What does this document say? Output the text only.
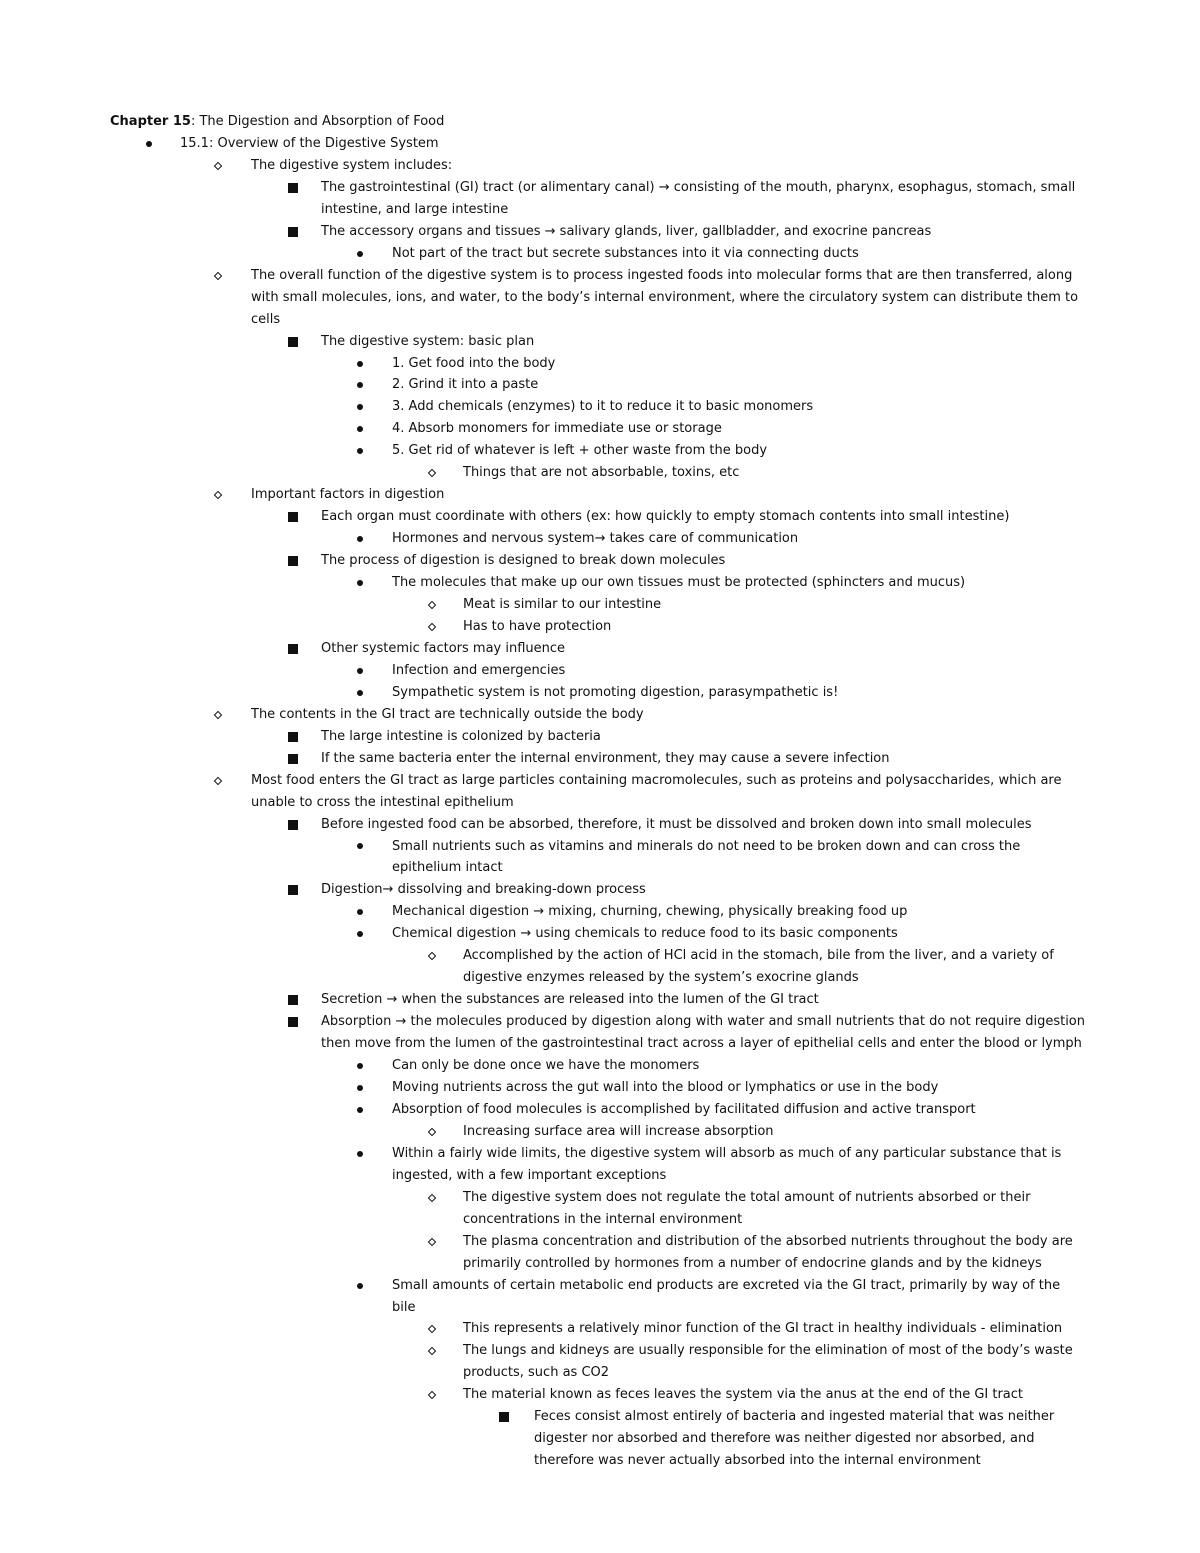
Chapter 15: The Digestion and Absorption of Food
15.1: Overview of the Digestive System
The digestive system includes:
The gastrointestinal (GI) tract (or alimentary canal) → consisting of the mouth, pharynx, esophagus, stomach, small intestine, and large intestine
The accessory organs and tissues → salivary glands, liver, gallbladder, and exocrine pancreas
Not part of the tract but secrete substances into it via connecting ducts
The overall function of the digestive system is to process ingested foods into molecular forms that are then transferred, along with small molecules, ions, and water, to the body’s internal environment, where the circulatory system can distribute them to cells
The digestive system: basic plan
1. Get food into the body
2. Grind it into a paste
3. Add chemicals (enzymes) to it to reduce it to basic monomers
4. Absorb monomers for immediate use or storage
5. Get rid of whatever is left + other waste from the body
Things that are not absorbable, toxins, etc
Important factors in digestion
Each organ must coordinate with others (ex: how quickly to empty stomach contents into small intestine)
Hormones and nervous system→ takes care of communication
The process of digestion is designed to break down molecules
The molecules that make up our own tissues must be protected (sphincters and mucus)
Meat is similar to our intestine
Has to have protection
Other systemic factors may influence
Infection and emergencies
Sympathetic system is not promoting digestion, parasympathetic is!
The contents in the GI tract are technically outside the body
The large intestine is colonized by bacteria
If the same bacteria enter the internal environment, they may cause a severe infection
Most food enters the GI tract as large particles containing macromolecules, such as proteins and polysaccharides, which are unable to cross the intestinal epithelium
Before ingested food can be absorbed, therefore, it must be dissolved and broken down into small molecules
Small nutrients such as vitamins and minerals do not need to be broken down and can cross the epithelium intact
Digestion→ dissolving and breaking-down process
Mechanical digestion → mixing, churning, chewing, physically breaking food up
Chemical digestion → using chemicals to reduce food to its basic components
Accomplished by the action of HCl acid in the stomach, bile from the liver, and a variety of digestive enzymes released by the system’s exocrine glands
Secretion → when the substances are released into the lumen of the GI tract
Absorption → the molecules produced by digestion along with water and small nutrients that do not require digestion then move from the lumen of the gastrointestinal tract across a layer of epithelial cells and enter the blood or lymph
Can only be done once we have the monomers
Moving nutrients across the gut wall into the blood or lymphatics or use in the body
Absorption of food molecules is accomplished by facilitated diffusion and active transport
Increasing surface area will increase absorption
Within a fairly wide limits, the digestive system will absorb as much of any particular substance that is ingested, with a few important exceptions
The digestive system does not regulate the total amount of nutrients absorbed or their concentrations in the internal environment
The plasma concentration and distribution of the absorbed nutrients throughout the body are primarily controlled by hormones from a number of endocrine glands and by the kidneys
Small amounts of certain metabolic end products are excreted via the GI tract, primarily by way of the bile
This represents a relatively minor function of the GI tract in healthy individuals - elimination
The lungs and kidneys are usually responsible for the elimination of most of the body’s waste products, such as CO2
The material known as feces leaves the system via the anus at the end of the GI tract
Feces consist almost entirely of bacteria and ingested material that was neither digester nor absorbed and therefore was neither digested nor absorbed, and therefore was never actually absorbed into the internal environment
